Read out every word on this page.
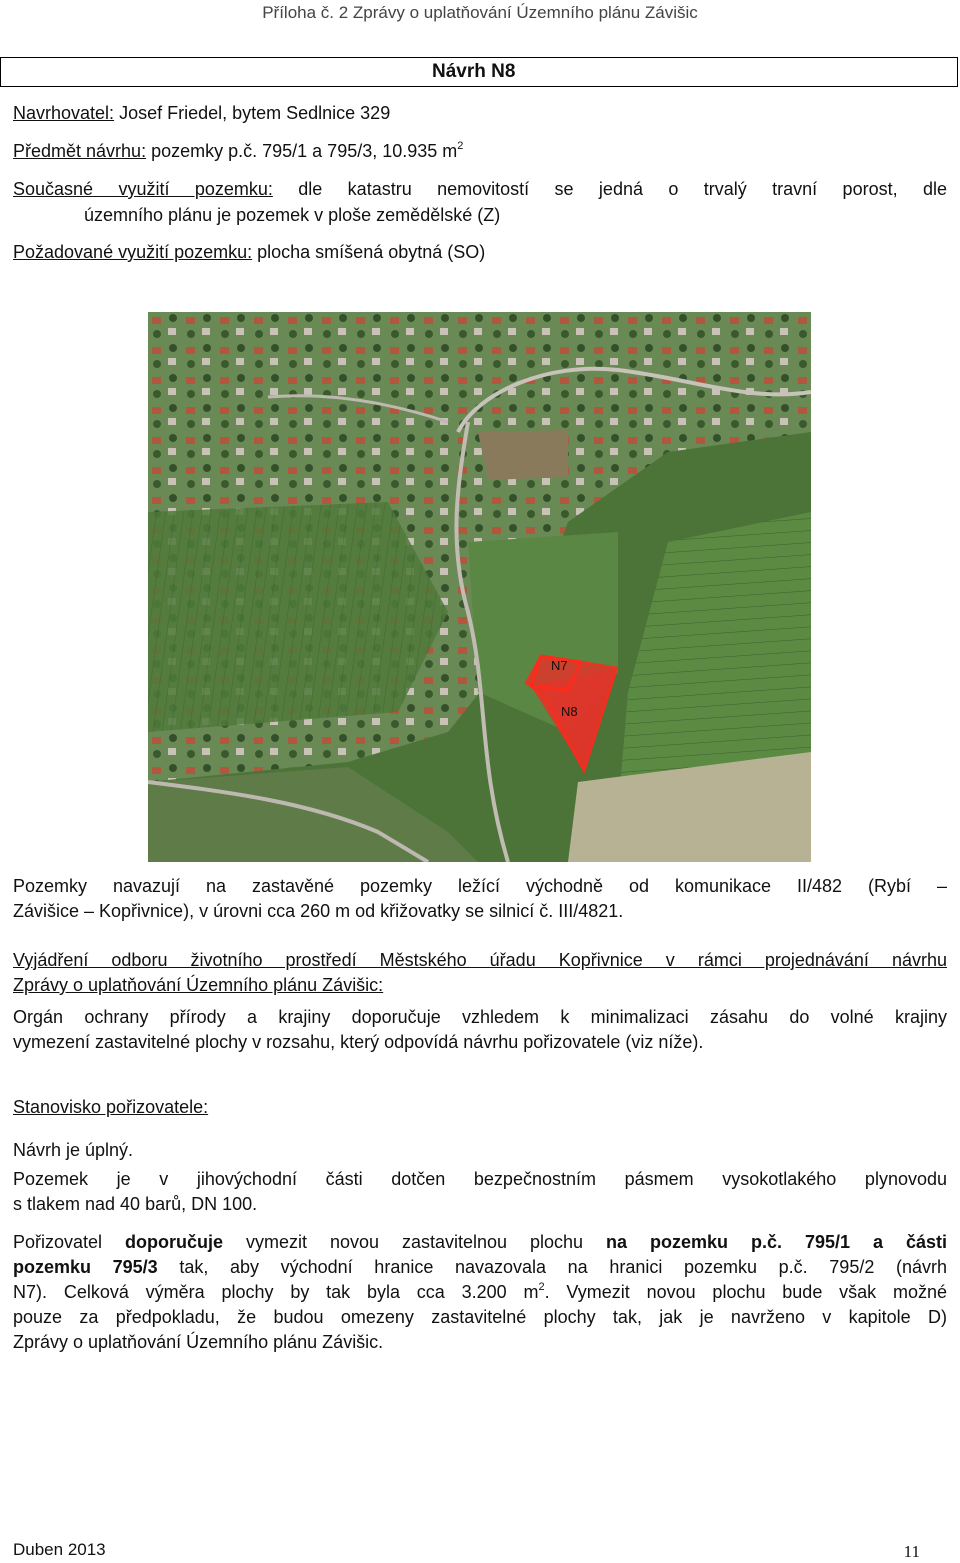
Příloha č. 2 Zprávy o uplatňování Územního plánu Závišic
Návrh N8
Navrhovatel: Josef Friedel, bytem Sedlnice 329
Předmět návrhu: pozemky p.č. 795/1 a 795/3, 10.935 $m^2$
Současné využití pozemku: dle katastru nemovitostí se jedná o trvalý travní porost, dle
územního plánu je pozemek v ploše zemědělské (Z)
Požadované využití pozemku: plocha smíšená obytná (SO)
N7
N8
Pozemky navazují na zastavěné pozemky ležící východně od komunikace II/482 (Rybí –
Závišice – Kopřivnice), v úrovni cca 260 m od křižovatky se silnicí č. III/4821.
Vyjádření odboru životního prostředí Městského úřadu Kopřivnice v rámci projednávání návrhu
Zprávy o uplatňování Územního plánu Závišic:
Orgán ochrany přírody a krajiny doporučuje vzhledem k minimalizaci zásahu do volné krajiny
vymezení zastavitelné plochy v rozsahu, který odpovídá návrhu pořizovatele (viz níže).
Stanovisko pořizovatele:
Návrh je úplný.
Pozemek je v jihovýchodní části dotčen bezpečnostním pásmem vysokotlakého plynovodu
s tlakem nad 40 barů, DN 100.
Pořizovatel doporučuje vymezit novou zastavitelnou plochu na pozemku p.č. 795/1 a části
pozemku 795/3 tak, aby východní hranice navazovala na hranici pozemku p.č. 795/2 (návrh
N7). Celková výměra plochy by tak byla cca 3.200 $m^2$. Vymezit novou plochu bude však možné
pouze za předpokladu, že budou omezeny zastavitelné plochy tak, jak je navrženo v kapitole D)
Zprávy o uplatňování Územního plánu Závišic.
Duben 2013	11
